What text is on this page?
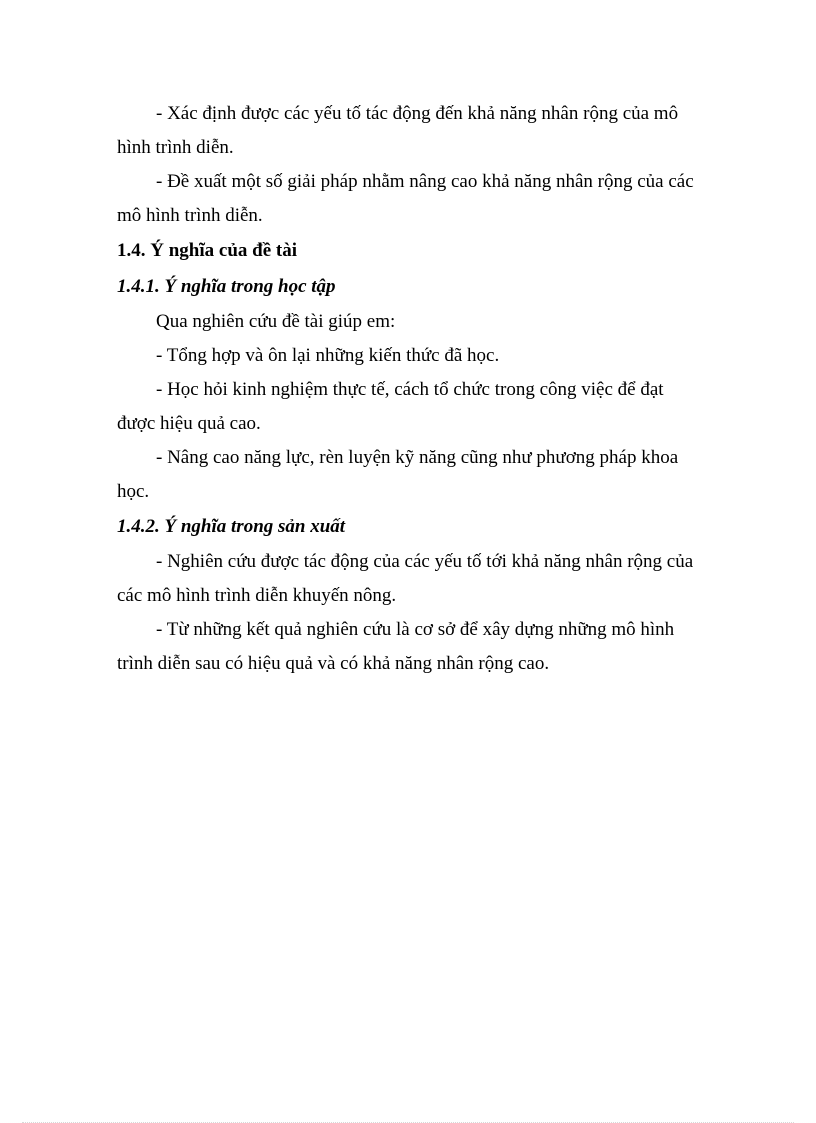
- Xác định được các yếu tố tác động đến khả năng nhân rộng của mô

hình trình diễn.

- Đề xuất một số giải pháp nhằm nâng cao khả năng nhân rộng của các

mô hình trình diễn.

1.4. Ý nghĩa của đề tài

1.4.1. Ý nghĩa trong học tập

Qua nghiên cứu đề tài giúp em:

- Tổng hợp và ôn lại những kiến thức đã học.

- Học hỏi kinh nghiệm thực tế, cách tổ chức trong công việc để đạt

được hiệu quả cao.

- Nâng cao năng lực, rèn luyện kỹ năng cũng như phương pháp khoa

học.

1.4.2. Ý nghĩa trong sản xuất

- Nghiên cứu được tác động của các yếu tố tới khả năng nhân rộng của

các mô hình trình diễn khuyến nông.

- Từ những kết quả nghiên cứu là cơ sở để xây dựng những mô hình

trình diễn sau có hiệu quả và có khả năng nhân rộng cao.
